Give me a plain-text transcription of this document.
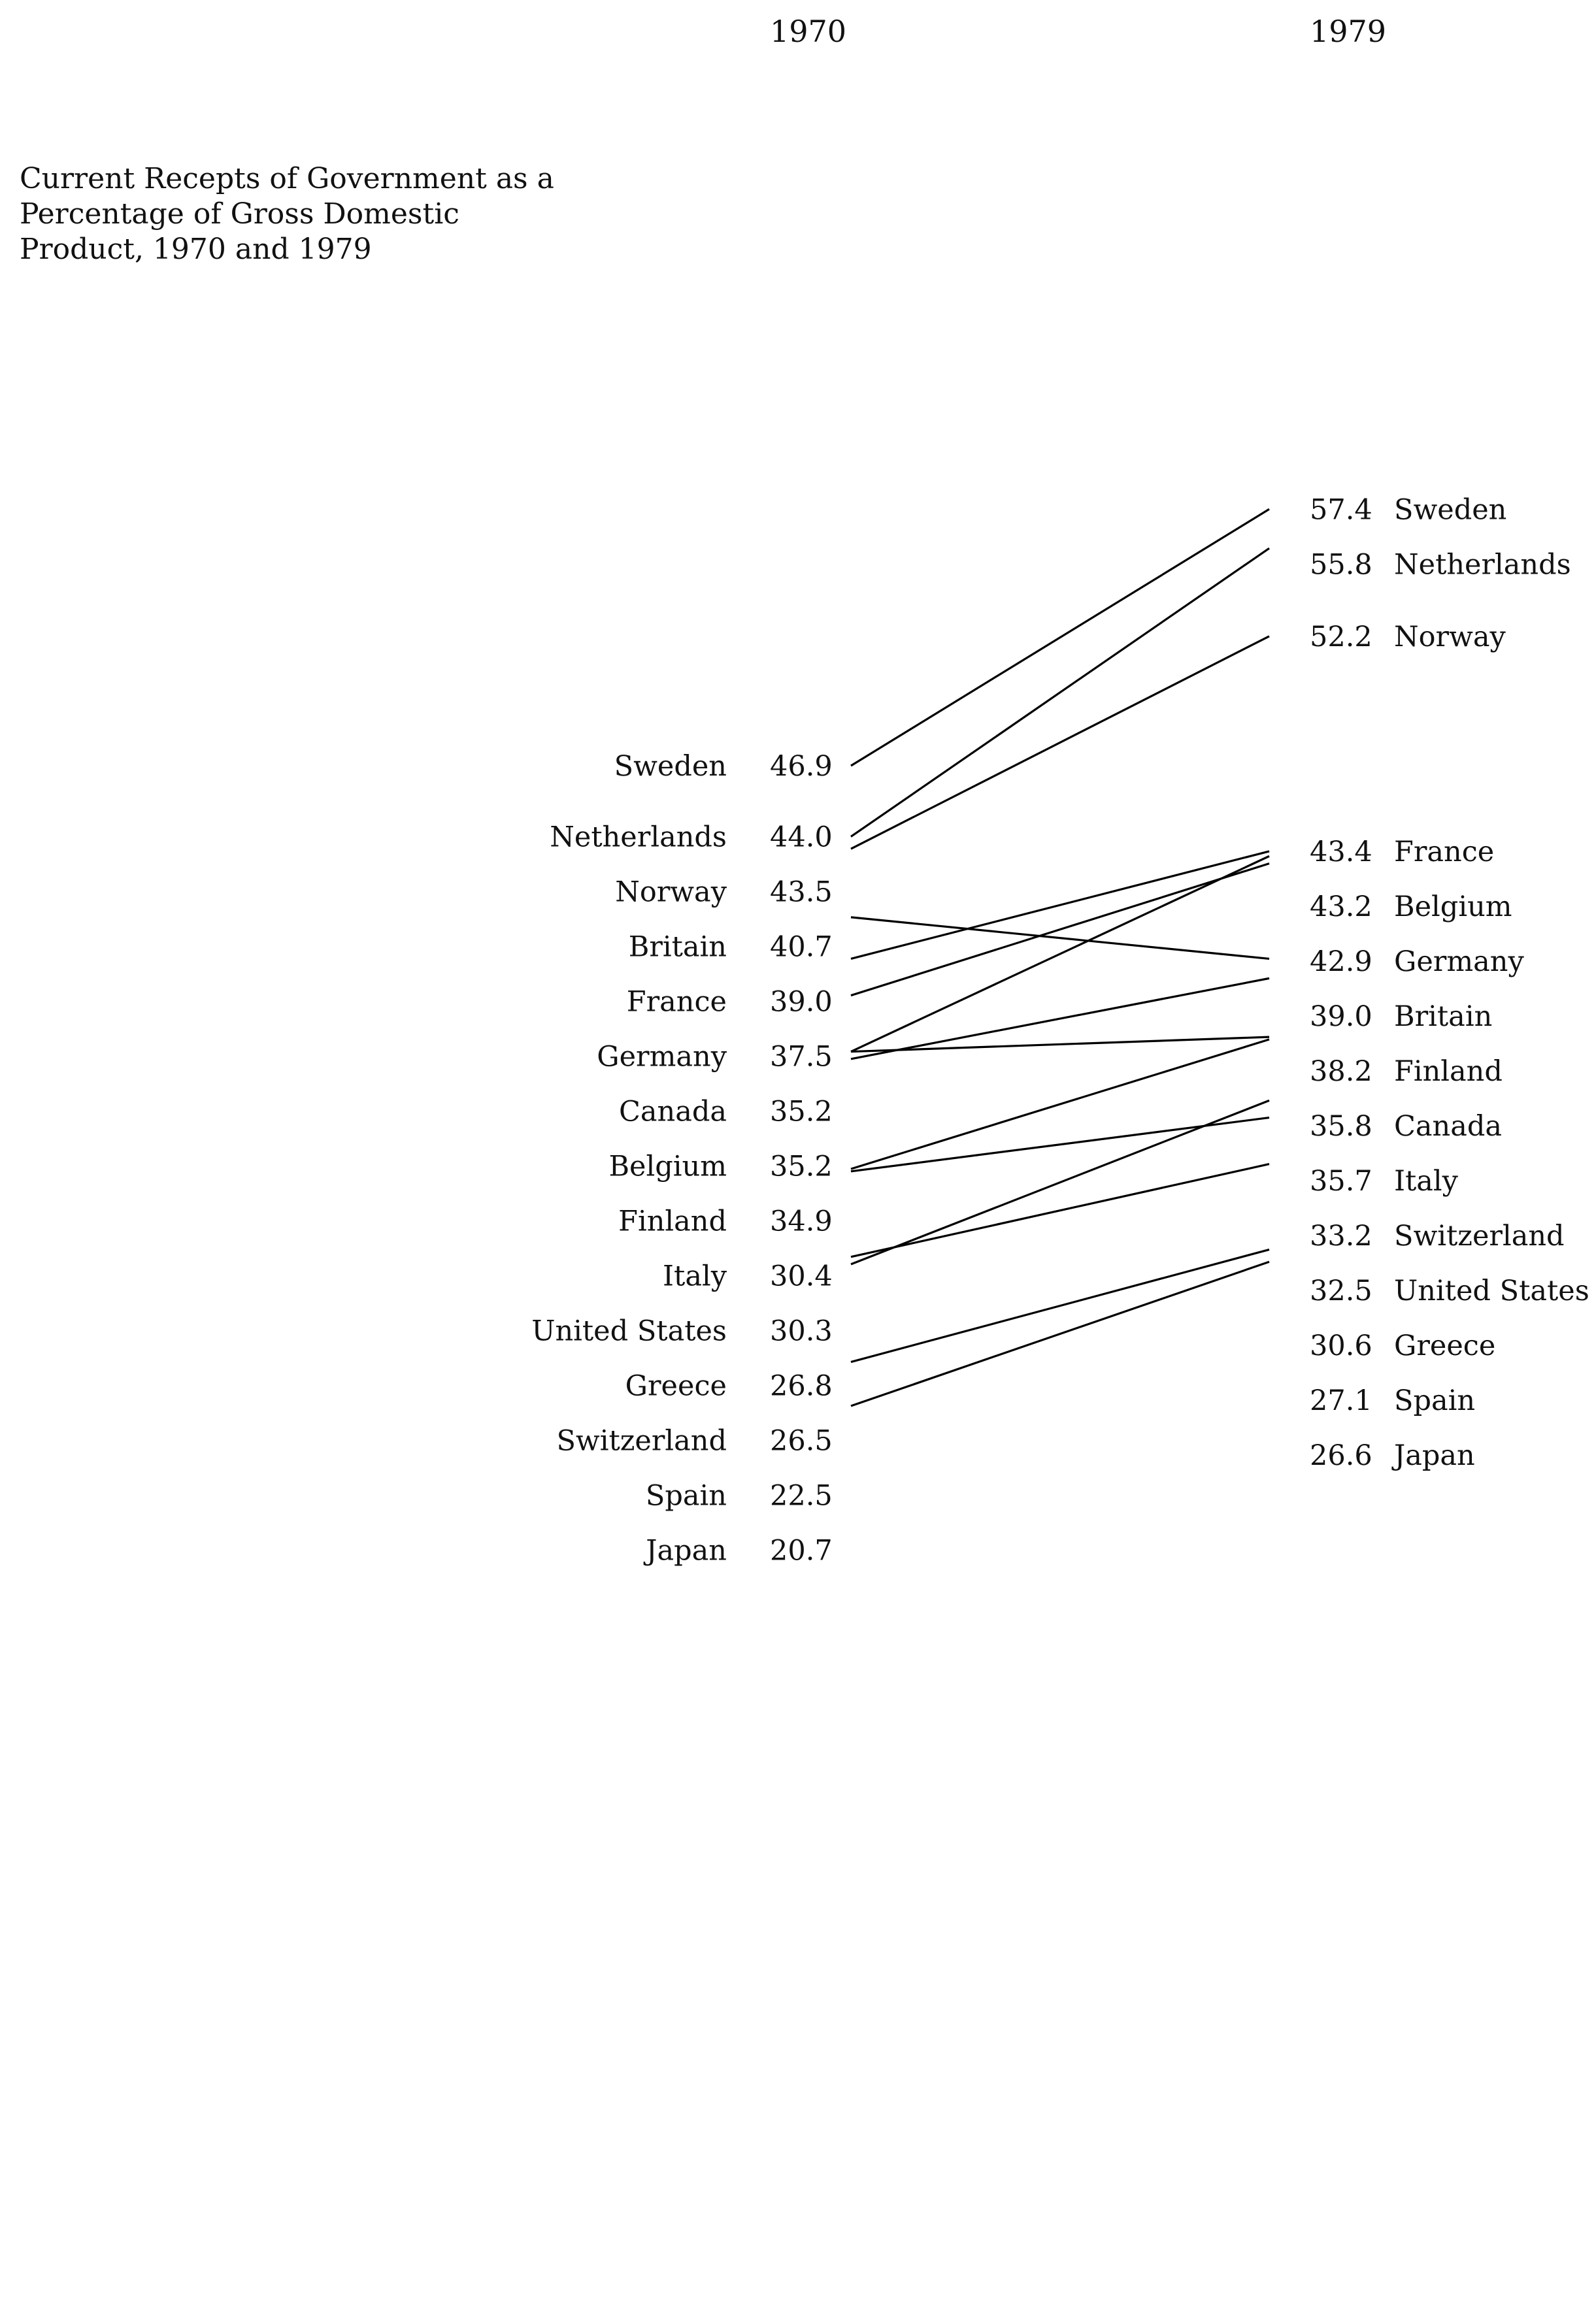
Current Recepts of Government as a
Percentage of Gross Domestic
Product, 1970 and 1979
1970	1979
Sweden 46.9
57.4 Sweden
Netherlands 44.0
55.8 Netherlands
Norway 43.5
52.2 Norway
Britain 40.7
39.0 Britain
France 39.0
43.4 France
Germany 37.5
42.9 Germany
Canada 35.2	35.8 Canada
Belgium 35.2
43.2 Belgium
Finland 34.9
38.2 Finland
Italy 30.4
35.7 Italy
United States 30.3
32.5 United States
Greece 26.8
30.6 Greece
Switzerland 26.5
33.2 Switzerland
Spain 22.5
27.1 Spain
Japan 20.7
26.6 Japan
